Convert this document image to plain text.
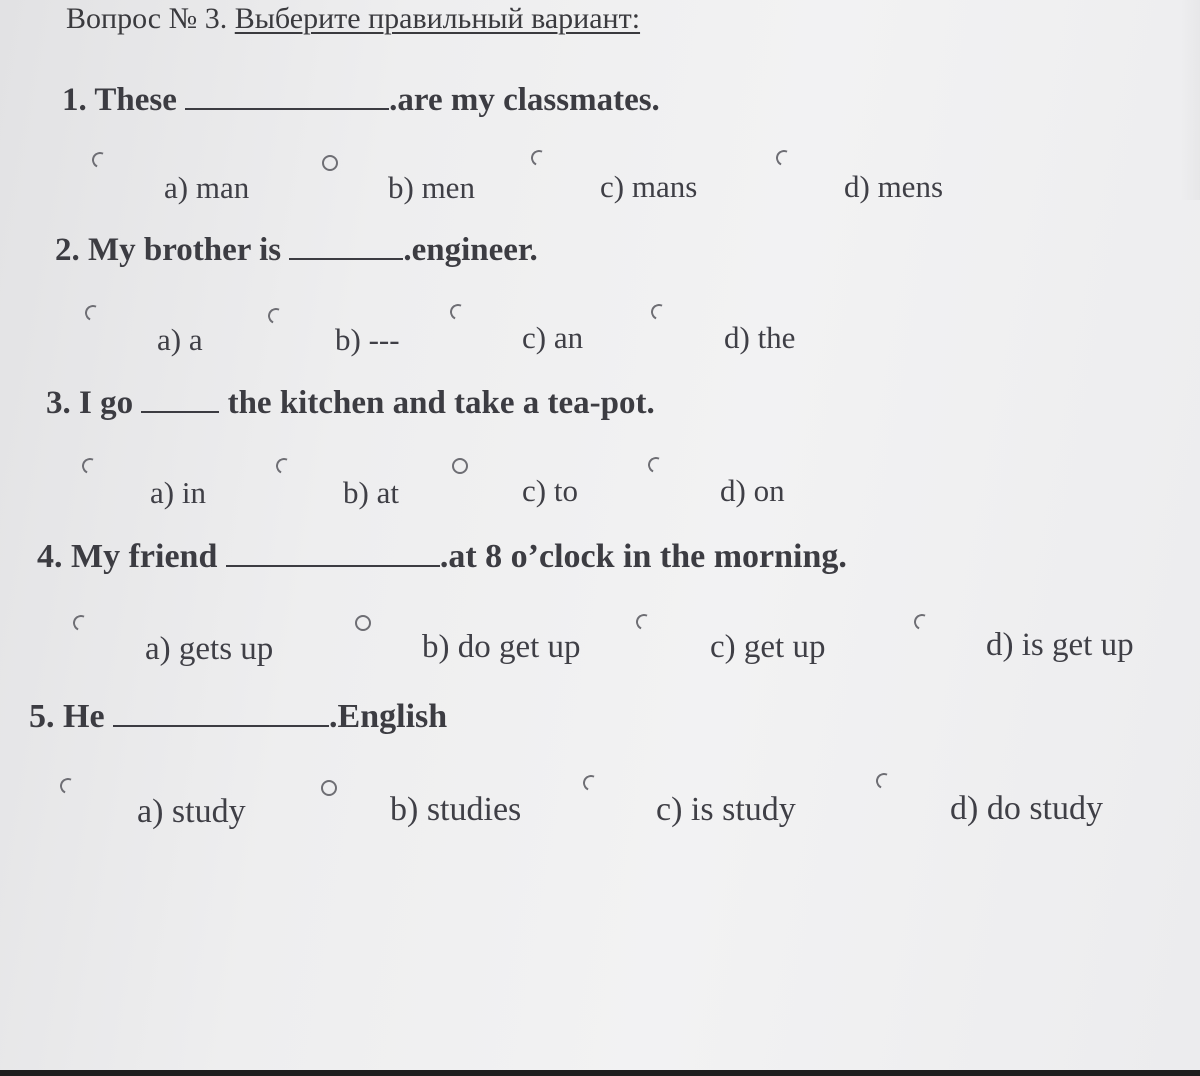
Вопрос № 3. Выберите правильный вариант:
1. These	.are my classmates.
a) man	b) men	c) mans	d) mens
2. My brother is	.engineer.
a) a	b) ---	c) an	d) the
3. I go	the kitchen and take a tea-pot.
a) in	b) at	c) to	d) on
4. My friend	.at 8 o’clock in the morning.
a) gets up	b) do get up	c) get up	d) is get up
5. He	.English
a) study	b) studies	c) is study	d) do study
